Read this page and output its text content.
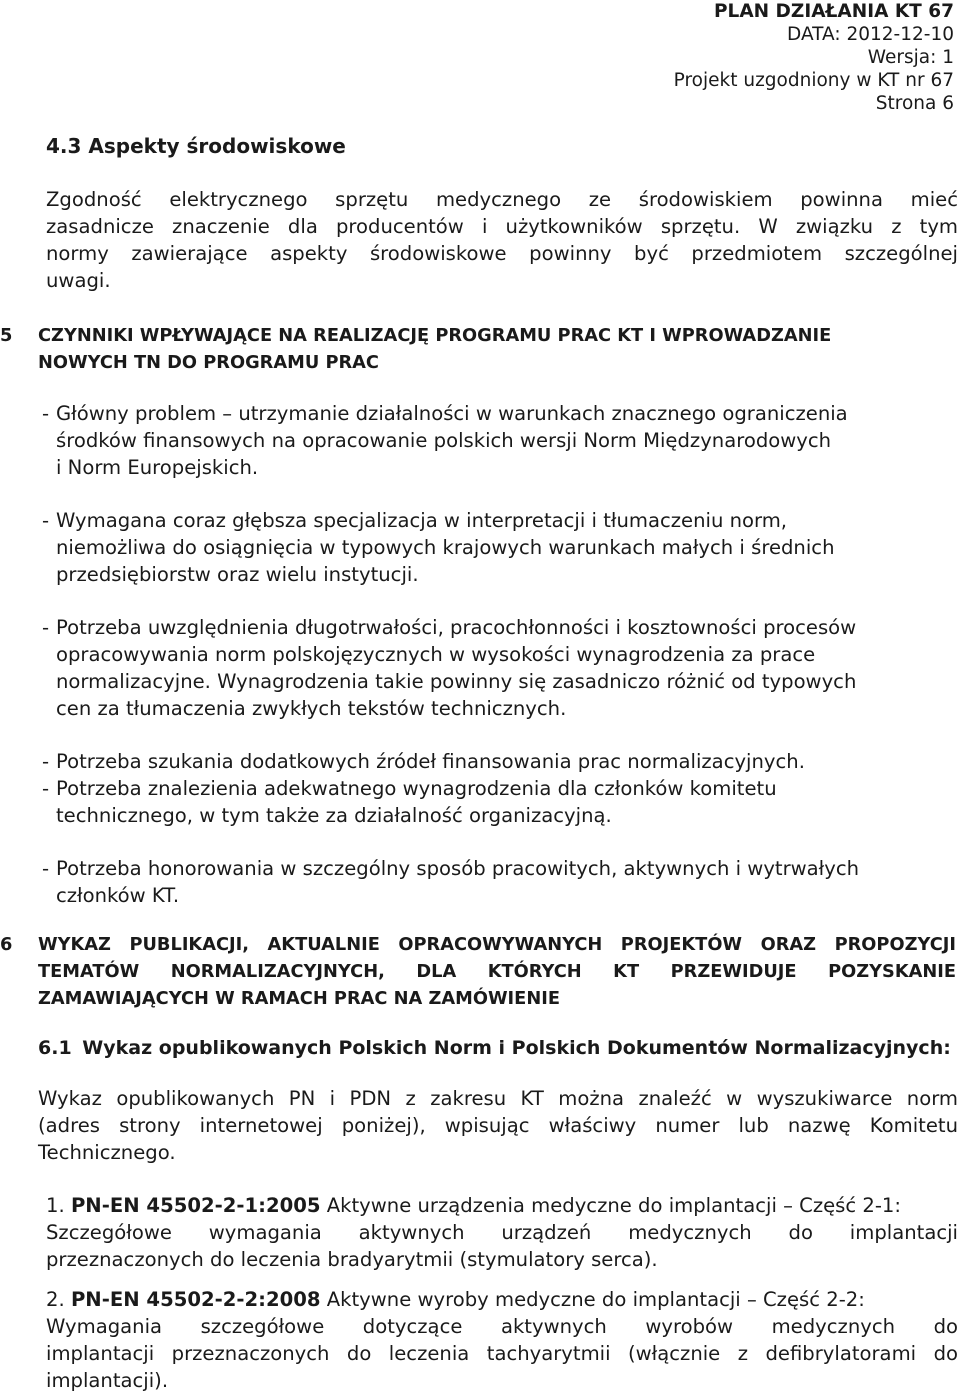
PLAN DZIAŁANIA KT 67
DATA: 2012-12-10
Wersja: 1
Projekt uzgodniony w KT nr 67
Strona 6
4.3 Aspekty środowiskowe
Zgodność elektrycznego sprzętu medycznego ze środowiskiem powinna mieć
zasadnicze znaczenie dla producentów i użytkowników sprzętu. W związku z tym
normy zawierające aspekty środowiskowe powinny być przedmiotem szczególnej
uwagi.
5 CZYNNIKI WPŁYWAJĄCE NA REALIZACJĘ PROGRAMU PRAC KT I WPROWADZANIE
NOWYCH TN DO PROGRAMU PRAC
- Główny problem – utrzymanie działalności w warunkach znacznego ograniczenia
środków finansowych na opracowanie polskich wersji Norm Międzynarodowych
i Norm Europejskich.
- Wymagana coraz głębsza specjalizacja w interpretacji i tłumaczeniu norm,
niemożliwa do osiągnięcia w typowych krajowych warunkach małych i średnich
przedsiębiorstw oraz wielu instytucji.
- Potrzeba uwzględnienia długotrwałości, pracochłonności i kosztowności procesów
opracowywania norm polskojęzycznych w wysokości wynagrodzenia za prace
normalizacyjne. Wynagrodzenia takie powinny się zasadniczo różnić od typowych
cen za tłumaczenia zwykłych tekstów technicznych.
- Potrzeba szukania dodatkowych źródeł finansowania prac normalizacyjnych.
- Potrzeba znalezienia adekwatnego wynagrodzenia dla członków komitetu
technicznego, w tym także za działalność organizacyjną.
- Potrzeba honorowania w szczególny sposób pracowitych, aktywnych i wytrwałych
członków KT.
6 WYKAZ PUBLIKACJI, AKTUALNIE OPRACOWYWANYCH PROJEKTÓW ORAZ PROPOZYCJI
TEMATÓW NORMALIZACYJNYCH, DLA KTÓRYCH KT PRZEWIDUJE POZYSKANIE
ZAMAWIAJĄCYCH W RAMACH PRAC NA ZAMÓWIENIE
6.1 Wykaz opublikowanych Polskich Norm i Polskich Dokumentów Normalizacyjnych:
Wykaz opublikowanych PN i PDN z zakresu KT można znaleźć w wyszukiwarce norm
(adres strony internetowej poniżej), wpisując właściwy numer lub nazwę Komitetu
Technicznego.
1. PN-EN 45502-2-1:2005 Aktywne urządzenia medyczne do implantacji – Część 2-1:
Szczegółowe wymagania aktywnych urządzeń medycznych do implantacji
przeznaczonych do leczenia bradyarytmii (stymulatory serca).
2. PN-EN 45502-2-2:2008 Aktywne wyroby medyczne do implantacji – Część 2-2:
Wymagania szczegółowe dotyczące aktywnych wyrobów medycznych do
implantacji przeznaczonych do leczenia tachyarytmii (włącznie z defibrylatorami do
implantacji).
